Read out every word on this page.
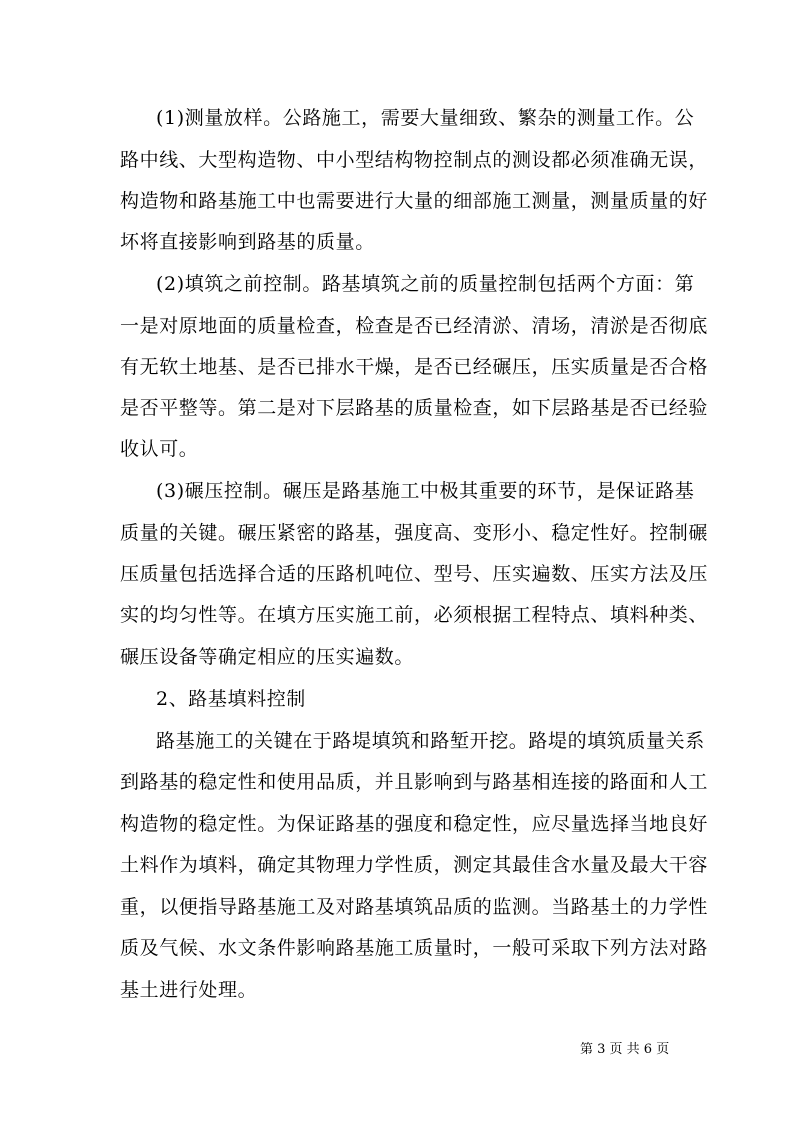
(1)测量放样。公路施工，需要大量细致、繁杂的测量工作。公
路中线、大型构造物、中小型结构物控制点的测设都必须准确无误，
构造物和路基施工中也需要进行大量的细部施工测量，测量质量的好
坏将直接影响到路基的质量。
(2)填筑之前控制。路基填筑之前的质量控制包括两个方面：第
一是对原地面的质量检查，检查是否已经清淤、清场，清淤是否彻底
有无软土地基、是否已排水干燥，是否已经碾压，压实质量是否合格
是否平整等。第二是对下层路基的质量检查，如下层路基是否已经验
收认可。
(3)碾压控制。碾压是路基施工中极其重要的环节，是保证路基
质量的关键。碾压紧密的路基，强度高、变形小、稳定性好。控制碾
压质量包括选择合适的压路机吨位、型号、压实遍数、压实方法及压
实的均匀性等。在填方压实施工前，必须根据工程特点、填料种类、
碾压设备等确定相应的压实遍数。
2、路基填料控制
路基施工的关键在于路堤填筑和路堑开挖。路堤的填筑质量关系
到路基的稳定性和使用品质，并且影响到与路基相连接的路面和人工
构造物的稳定性。为保证路基的强度和稳定性，应尽量选择当地良好
土料作为填料，确定其物理力学性质，测定其最佳含水量及最大干容
重，以便指导路基施工及对路基填筑品质的监测。当路基土的力学性
质及气候、水文条件影响路基施工质量时，一般可采取下列方法对路
基土进行处理。
第 3 页 共 6 页
